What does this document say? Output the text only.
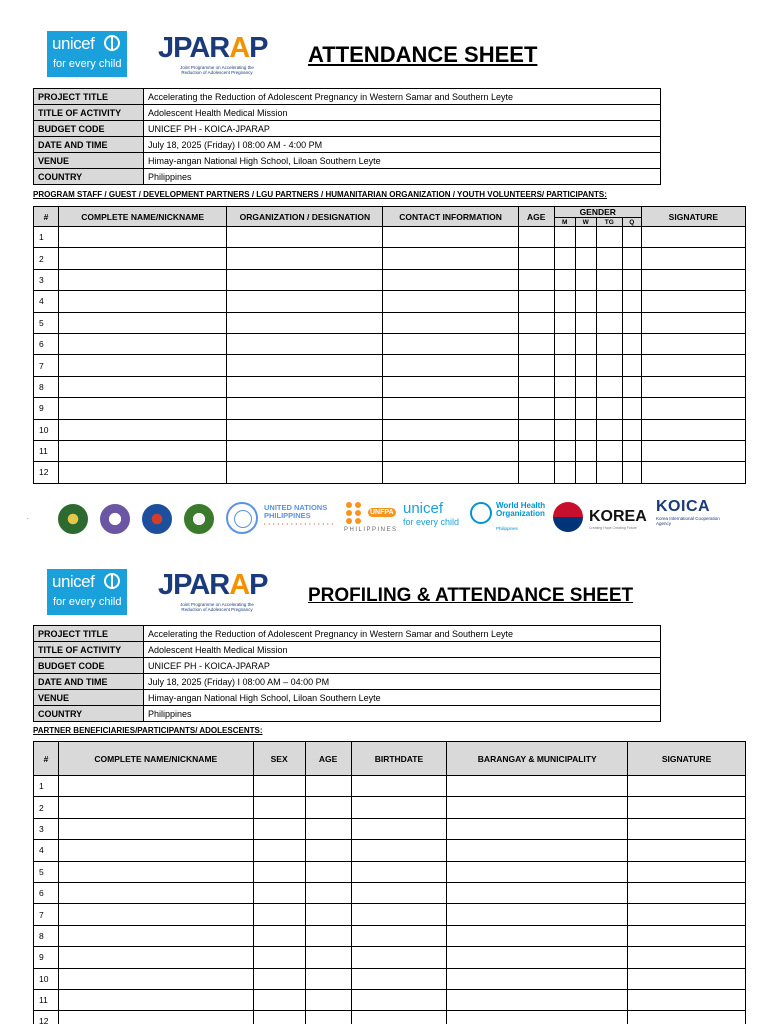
unicef
for every child JPARAP
Joint Programme on Accelerating the Reduction of Adolescent Pregnancy
ATTENDANCE SHEET
PROJECT TITLE	Accelerating the Reduction of Adolescent Pregnancy in Western Samar and Southern Leyte
TITLE OF ACTIVITY	Adolescent Health Medical Mission
BUDGET CODE	UNICEF PH - KOICA-JPARAP
DATE AND TIME	July 18, 2025 (Friday) I 08:00 AM - 4:00 PM
VENUE	Himay-angan National High School, Liloan Southern Leyte
COUNTRY	Philippines
PROGRAM STAFF / GUEST / DEVELOPMENT PARTNERS / LGU PARTNERS / HUMANITARIAN ORGANIZATION / YOUTH VOLUNTEERS/ PARTICIPANTS:
#	COMPLETE NAME/NICKNAME	ORGANIZATION / DESIGNATION	CONTACT INFORMATION	AGE	GENDER				SIGNATURE
					M	W	TG	Q	
1									
2									
3									
4									
5									
6									
7									
8									
9									
10									
11									
12									
.
UNITED NATIONS
PHILIPPINES
• • • • • • • • • • • • • • • •
UNFPA
PHILIPPINES
unicef
for every child
World Health
Organization
Philippines
KOREA
Creating Hope Creating Future
KOICA
Korea International Cooperation Agency
unicef
for every child
JPARAP
Joint Programme on Accelerating the Reduction of Adolescent Pregnancy
PROFILING & ATTENDANCE SHEET
PROJECT TITLE	Accelerating the Reduction of Adolescent Pregnancy in Western Samar and Southern Leyte
TITLE OF ACTIVITY	Adolescent Health Medical Mission
BUDGET CODE	UNICEF PH - KOICA-JPARAP
DATE AND TIME	July 18, 2025 (Friday) I 08:00 AM – 04:00 PM
VENUE	Himay-angan National High School, Liloan Southern Leyte
COUNTRY	Philippines
PARTNER BENEFICIARIES/PARTICIPANTS/ ADOLESCENTS:
#	COMPLETE NAME/NICKNAME	SEX	AGE	BIRTHDATE	BARANGAY & MUNICIPALITY	SIGNATURE
1						
2						
3						
4						
5						
6						
7						
8						
9						
10						
11						
12						
